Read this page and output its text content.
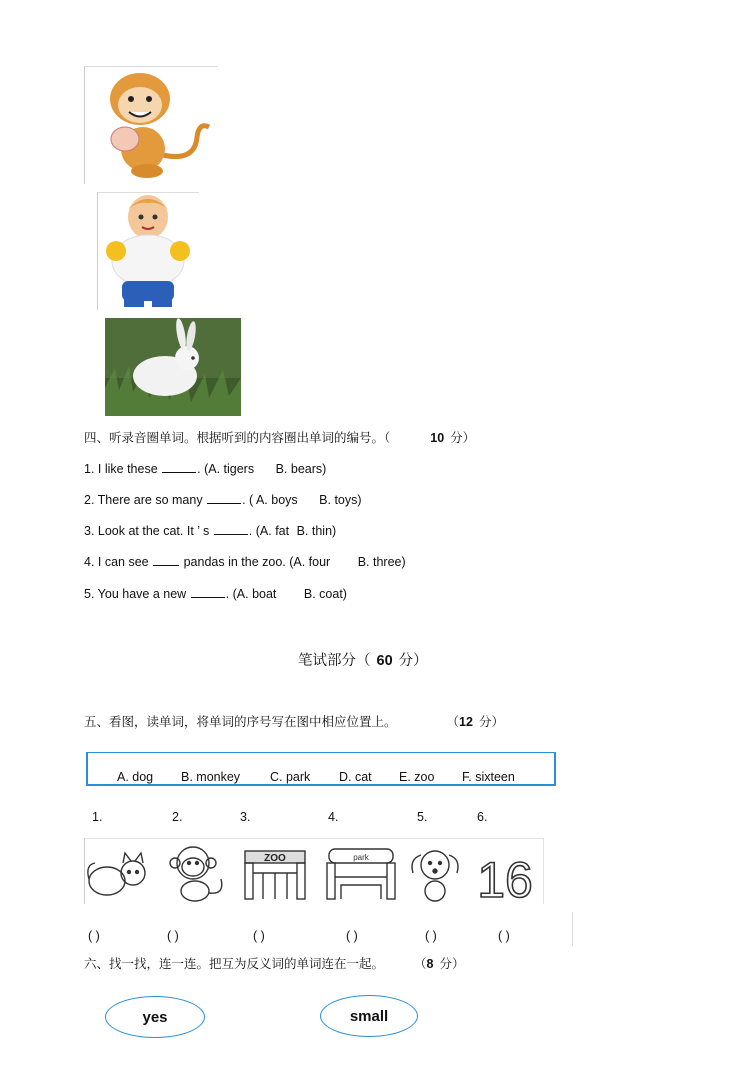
四、听录音圈单词。根据听到的内容圈出单词的编号。（	10 分）
1. I like these	. (A. tigers B. bears)
2. There are so many	. ( A. boys B. toys)
3. Look at the cat. It ’ s	. (A. fat B. thin)
4. I can see	pandas in the zoo. (A. four B. three)
5. You have a new	. (A. boat B. coat)
笔试部分（ 60 分）
五、看图，读单词，将单词的序号写在图中相应位置上。	（12 分）
A. dog B. monkey C. park D. cat E. zoo F. sixteen
1.	2.	3.	4.	5.	6.
ZOO	park 16
( )	( )	( )	( )	( )	( )
六、找一找，连一连。把互为反义词的单词连在一起。 （8 分）
yes	small
